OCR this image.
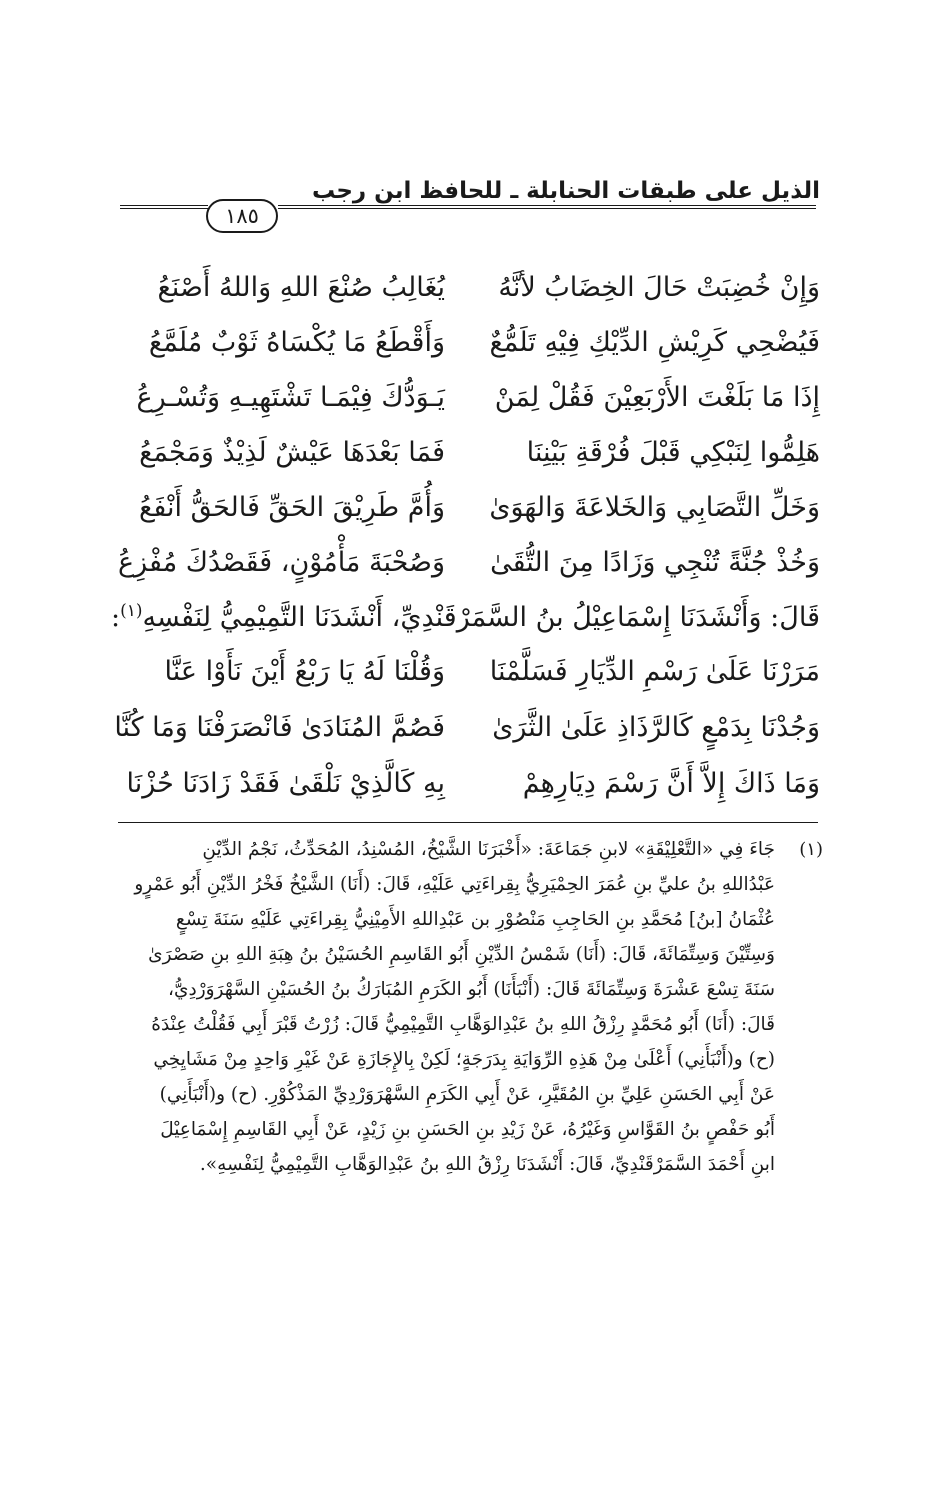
الذيل على طبقات الحنابلة ـ للحافظ ابن رجب
١٨٥
وَإِنْ خُضِبَتْ حَالَ الخِضَابُ لأنَّهُ
يُغَالِبُ صُنْعَ اللهِ وَاللهُ أَصْنَعُ
فَيُضْحِي كَرِيْشِ الدِّيْكِ فِيْهِ تَلَمُّعٌ
وَأَقْطَعُ مَا يُكْسَاهُ ثَوْبٌ مُلَمَّعُ
إِذَا مَا بَلَغْتَ الأَرْبَعِيْنَ فَقُلْ لِمَنْ
يَـوَدُّكَ فِيْمَـا تَشْتَهِيـهِ وَتُسْـرِعُ
هَلِمُّوا لِنَبْكِي قَبْلَ فُرْقَةِ بَيْنِنَا
فَمَا بَعْدَهَا عَيْشٌ لَذِيْذٌ وَمَجْمَعُ
وَخَلِّ التَّصَابِي وَالخَلاعَةَ وَالهَوَىٰ
وَأُمَّ طَرِيْقَ الحَقِّ فَالحَقُّ أَنْفَعُ
وَخُذْ جُنَّةً تُنْجِي وَزَادًا مِنَ التُّقَىٰ
وَصُحْبَةَ مَأْمُوْنٍ، فَقَصْدُكَ مُفْزِعُ
قَالَ: وَأَنْشَدَنَا إِسْمَاعِيْلُ بنُ السَّمَرْقَنْدِيِّ، أَنْشَدَنَا التَّمِيْمِيُّ لِنَفْسِهِ$^{(١)}$:
مَرَرْنَا عَلَىٰ رَسْمِ الدِّيَارِ فَسَلَّمْنَا
وَقُلْنَا لَهُ يَا رَبْعُ أَيْنَ نَأَوْا عَنَّا
وَجُدْنَا بِدَمْعٍ كَالرَّذَاذِ عَلَىٰ الثَّرَىٰ
فَصُمَّ المُنَادَىٰ فَانْصَرَفْنَا وَمَا كُنَّا
وَمَا ذَاكَ إِلاَّ أَنَّ رَسْمَ دِيَارِهِمْ
بِهِ كَالَّذِيْ نَلْقَىٰ فَقَدْ زَادَنَا حُزْنَا
(١)
جَاءَ فِي «التَّعْلِيْقَةِ» لابنِ جَمَاعَةَ: «أَخْبَرَنَا الشَّيْخُ، المُسْنِدُ، المُحَدِّثُ، نَجْمُ الدِّيْنِ
عَبْدُاللهِ بنُ عليِّ بنِ عُمَرَ الحِمْيَرِيُّ بِقِراءَتِي عَلَيْهِ، قَالَ: (أَنَا) الشَّيْخُ فَخْرُ الدِّيْنِ أَبُو عَمْرٍو
عُثْمَانُ [بنُ] مُحَمَّدِ بنِ الحَاجِبِ مَنْصُوْرِ بن عَبْدِاللهِ الأَمِيْنِيُّ بِقِراءَتِي عَلَيْهِ سَنَةَ تِسْعٍ
وَسِتِّيْنَ وَسِتِّمَائَةَ، قَالَ: (أَنَا) شَمْسُ الدِّيْنِ أَبُو القَاسِمِ الحُسَيْنُ بنُ هِبَةِ اللهِ بنِ صَصْرَىٰ
سَنَةَ تِسْعَ عَشْرَةَ وَسِتِّمَائَةَ قَالَ: (أَنْبَأَنَا) أَبُو الكَرَمِ المُبَارَكُ بنُ الحُسَيْنِ السَّهْرَوَرْدِيُّ،
قَالَ: (أَنَا) أَبُو مُحَمَّدٍ رِزْقُ اللهِ بنُ عَبْدِالوَهَّابِ التَّمِيْمِيُّ قَالَ: زُرْتُ قَبْرَ أَبِي فَقُلْتُ عِنْدَهُ
(ح) و(أَنْبَأَنِي) أَعْلَىٰ مِنْ هَذِهِ الرِّوَايَةِ بِدَرَجَةٍ؛ لَكِنْ بِالإِجَازَةِ عَنْ غَيْرِ وَاحِدٍ مِنْ مَشَايِخِي
عَنْ أَبِي الحَسَنِ عَلِيِّ بنِ المُقَيَّرِ، عَنْ أَبِي الكَرَمِ السَّهْرَوَرْدِيِّ المَذْكُوْرِ. (ح) و(أَنْبَأَنِي)
أَبُو حَفْصٍ بنُ القَوَّاسِ وَغَيْرُهُ، عَنْ زَيْدِ بنِ الحَسَنِ بنِ زَيْدٍ، عَنْ أَبِي القَاسِمِ إِسْمَاعِيْلَ
ابنِ أَحْمَدَ السَّمَرْقَنْدِيِّ، قَالَ: أَنْشَدَنَا رِزْقُ اللهِ بنُ عَبْدِالوَهَّابِ التَّمِيْمِيُّ لِنَفْسِهِ».
